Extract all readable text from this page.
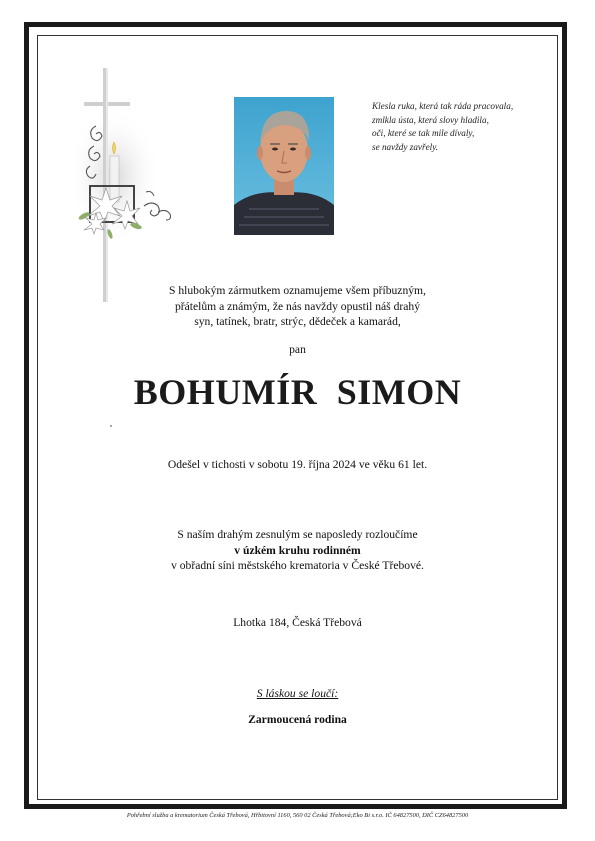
Klesla ruka, která tak ráda pracovala,
zmlkla ústa, která slovy hladila,
oči, které se tak mile dívaly,
se navždy zavřely.
S hlubokým zármutkem oznamujeme všem příbuzným,
přátelům a známým, že nás navždy opustil náš drahý
syn, tatínek, bratr, strýc, dědeček a kamarád,
pan
BOHUMÍR SIMON
Odešel v tichosti v sobotu 19. října 2024 ve věku 61 let.
S naším drahým zesnulým se naposledy rozloučíme
v úzkém kruhu rodinném
v obřadní síni městského krematoria v České Třebové.
Lhotka 184, Česká Třebová
S láskou se loučí:
Zarmoucená rodina
Pohřební služba a krematorium Česká Třebová, Hřbitovní 1160, 560 02 Česká Třebová;Eko Bi s.r.o. IČ 64827500, DIČ CZ64827500
